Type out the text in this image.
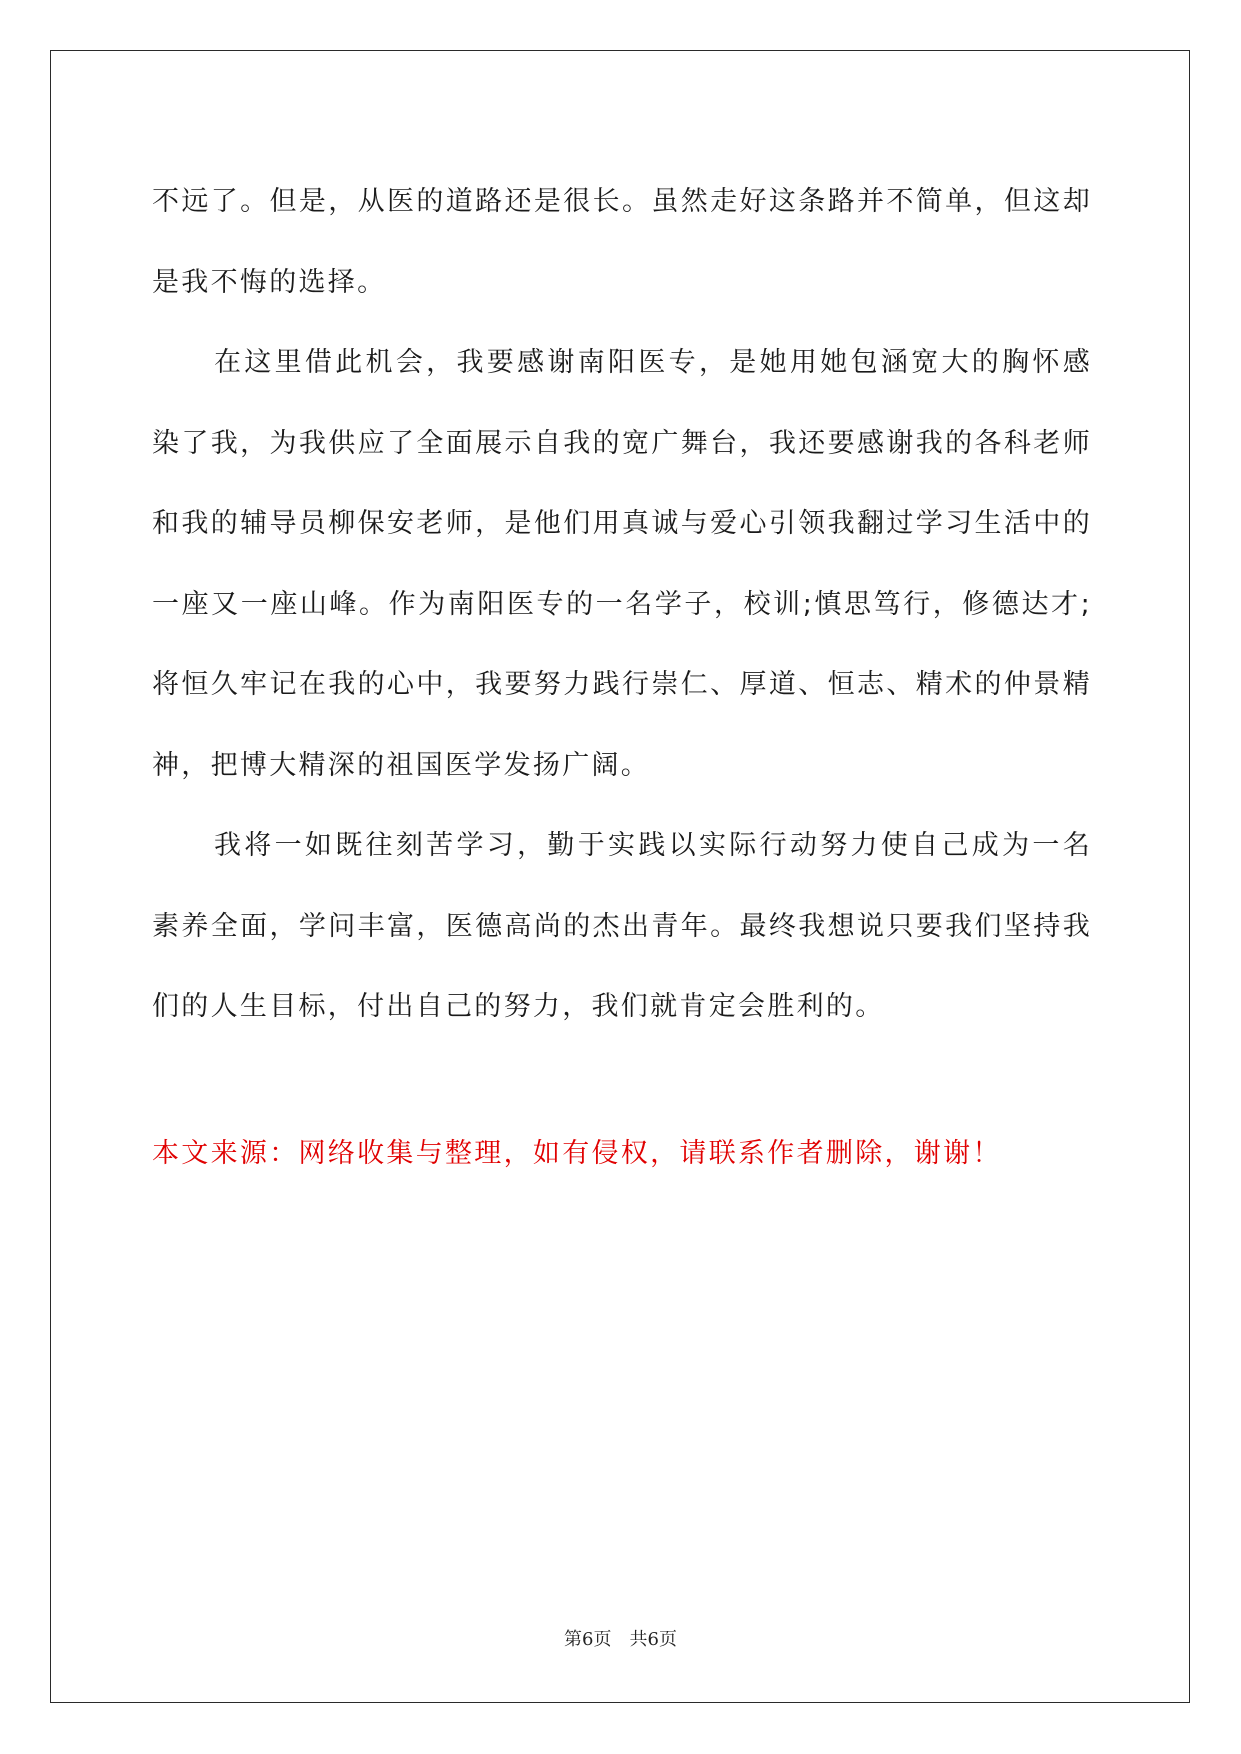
不远了。但是，从医的道路还是很长。虽然走好这条路并不简单，但这却是我不悔的选择。

在这里借此机会，我要感谢南阳医专，是她用她包涵宽大的胸怀感染了我，为我供应了全面展示自我的宽广舞台，我还要感谢我的各科老师和我的辅导员柳保安老师，是他们用真诚与爱心引领我翻过学习生活中的一座又一座山峰。作为南阳医专的一名学子，校训;慎思笃行，修德达才;将恒久牢记在我的心中，我要努力践行崇仁、厚道、恒志、精术的仲景精神，把博大精深的祖国医学发扬广阔。

我将一如既往刻苦学习，勤于实践以实际行动努力使自己成为一名素养全面，学问丰富，医德高尚的杰出青年。最终我想说只要我们坚持我们的人生目标，付出自己的努力，我们就肯定会胜利的。

本文来源：网络收集与整理，如有侵权，请联系作者删除，谢谢！

第6页 共6页
